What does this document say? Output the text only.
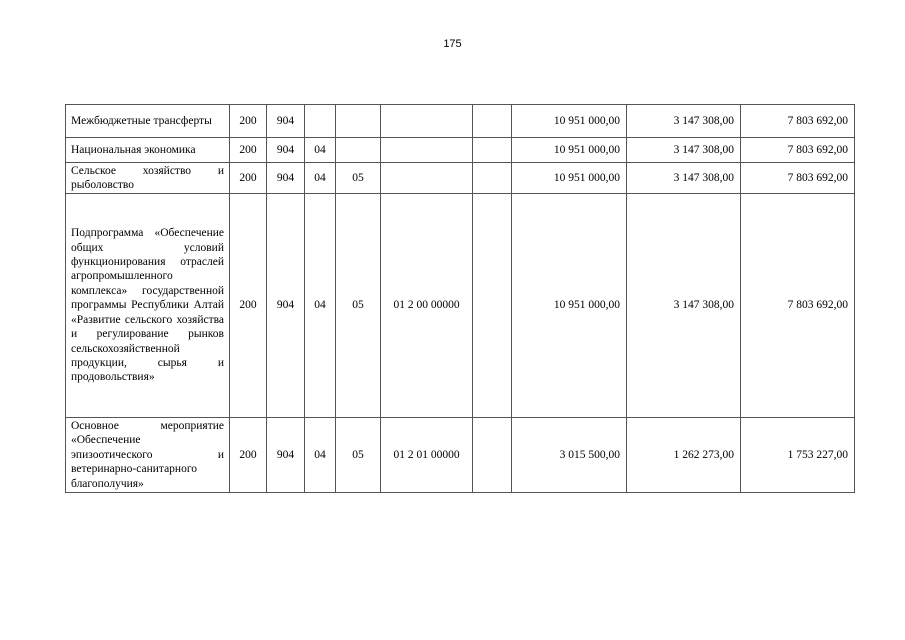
175
Межбюджетные трансферты	200	904					10 951 000,00	3 147 308,00	7 803 692,00
Национальная экономика	200	904	04				10 951 000,00	3 147 308,00	7 803 692,00
Сельское хозяйство и рыболовство	200	904	04	05			10 951 000,00	3 147 308,00	7 803 692,00
Подпрограмма «Обеспечение общих условий функционирования отраслей агропромышленного комплекса» государственной программы Республики Алтай «Развитие сельского хозяйства и регулирование рынков сельскохозяйственной продукции, сырья и продовольствия»	200	904	04	05	01 2 00 00000		10 951 000,00	3 147 308,00	7 803 692,00
Основное мероприятие «Обеспечение эпизоотического и ветеринарно-санитарного благополучия»	200	904	04	05	01 2 01 00000		3 015 500,00	1 262 273,00	1 753 227,00
